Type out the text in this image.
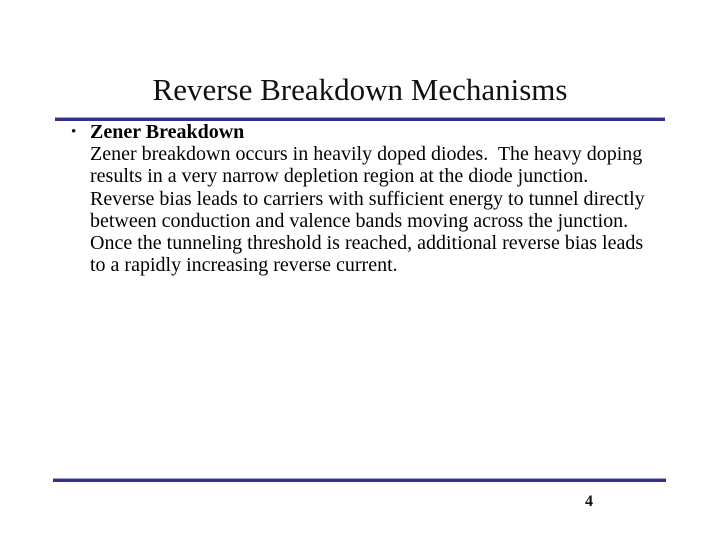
Reverse Breakdown Mechanisms
• Zener Breakdown
Zener breakdown occurs in heavily doped diodes.  The heavy doping
results in a very narrow depletion region at the diode junction.
Reverse bias leads to carriers with sufficient energy to tunnel directly
between conduction and valence bands moving across the junction.
Once the tunneling threshold is reached, additional reverse bias leads
to a rapidly increasing reverse current.
4
